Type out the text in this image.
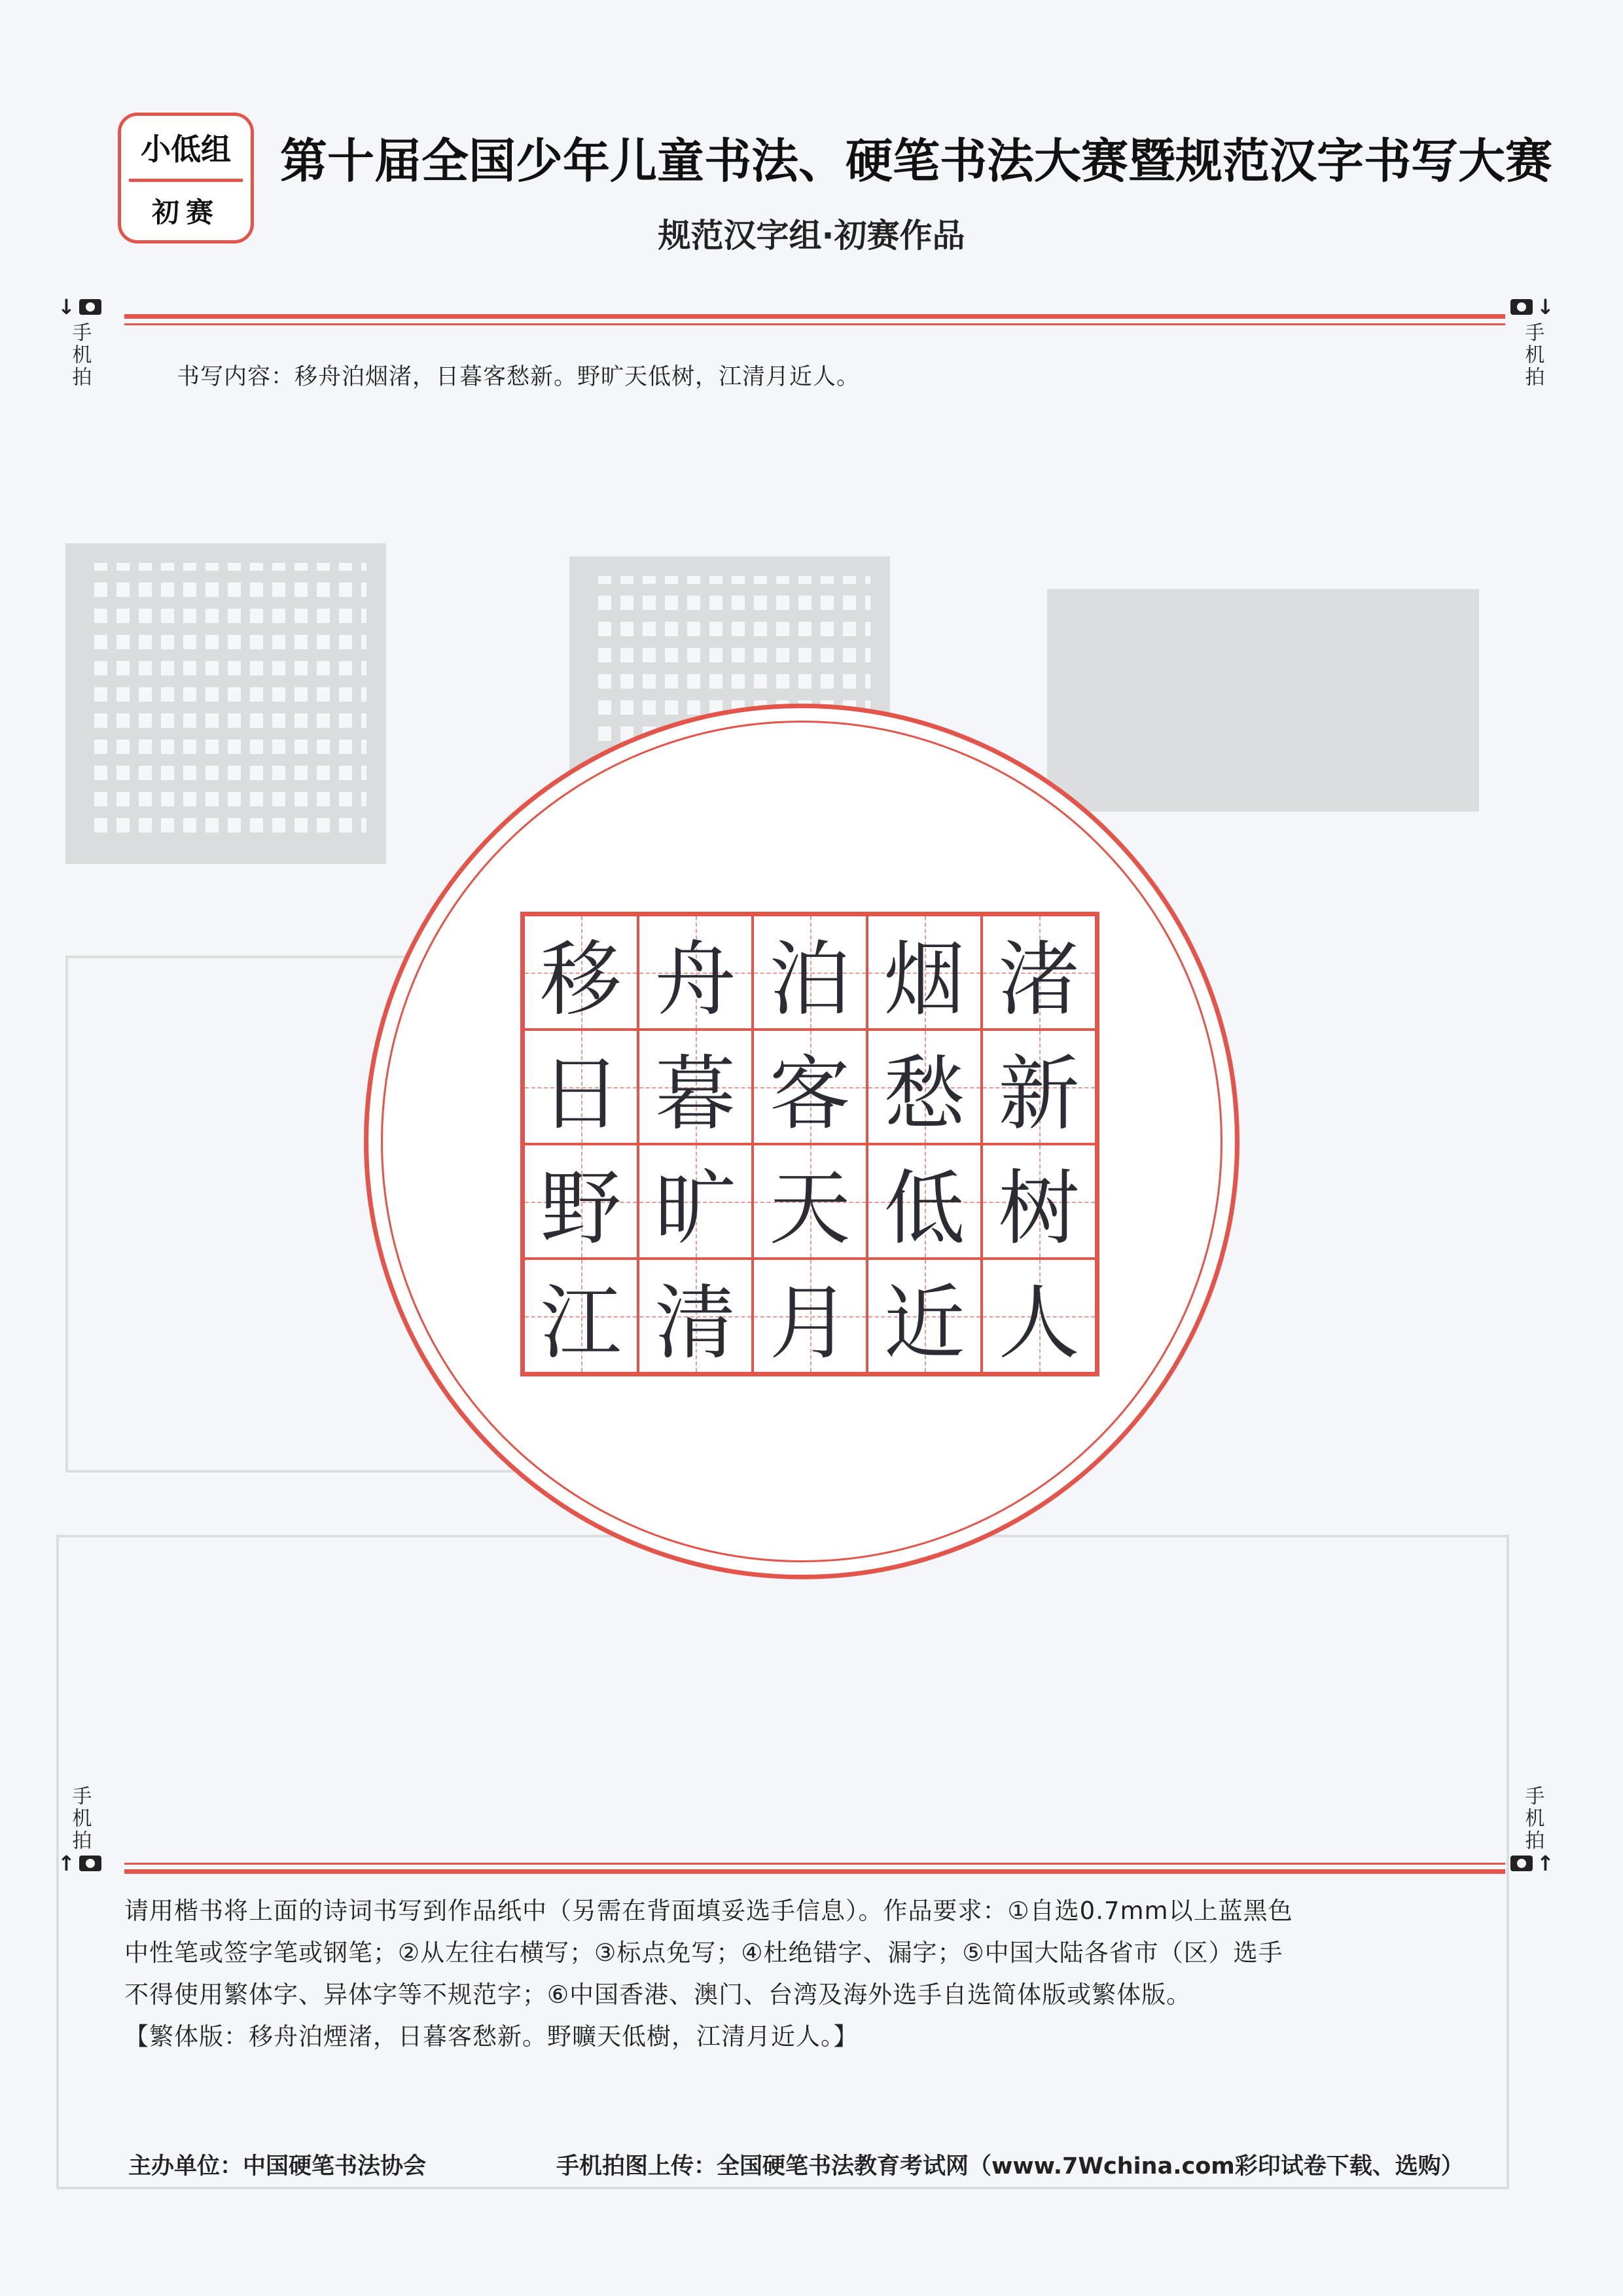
小低组
初赛
第十届全国少年儿童书法、硬笔书法大赛暨规范汉字书写大赛
规范汉字组·初赛作品
↓
手机拍
↓
手机拍
书写内容：移舟泊烟渚，日暮客愁新。野旷天低树，江清月近人。
移 舟 泊 烟 渚
日 暮 客 愁 新
野 旷 天 低 树
江 清 月 近 人
手机拍
↑
手机拍
↑

请用楷书将上面的诗词书写到作品纸中（另需在背面填妥选手信息）。作品要求：①自选0.7mm以上蓝黑色

中性笔或签字笔或钢笔；②从左往右横写；③标点免写；④杜绝错字、漏字；⑤中国大陆各省市（区）选手

不得使用繁体字、异体字等不规范字；⑥中国香港、澳门、台湾及海外选手自选简体版或繁体版。

【繁体版：移舟泊煙渚，日暮客愁新。野曠天低樹，江清月近人。】

主办单位：中国硬笔书法协会	手机拍图上传：全国硬笔书法教育考试网（www.7Wchina.com彩印试卷下载、选购）
